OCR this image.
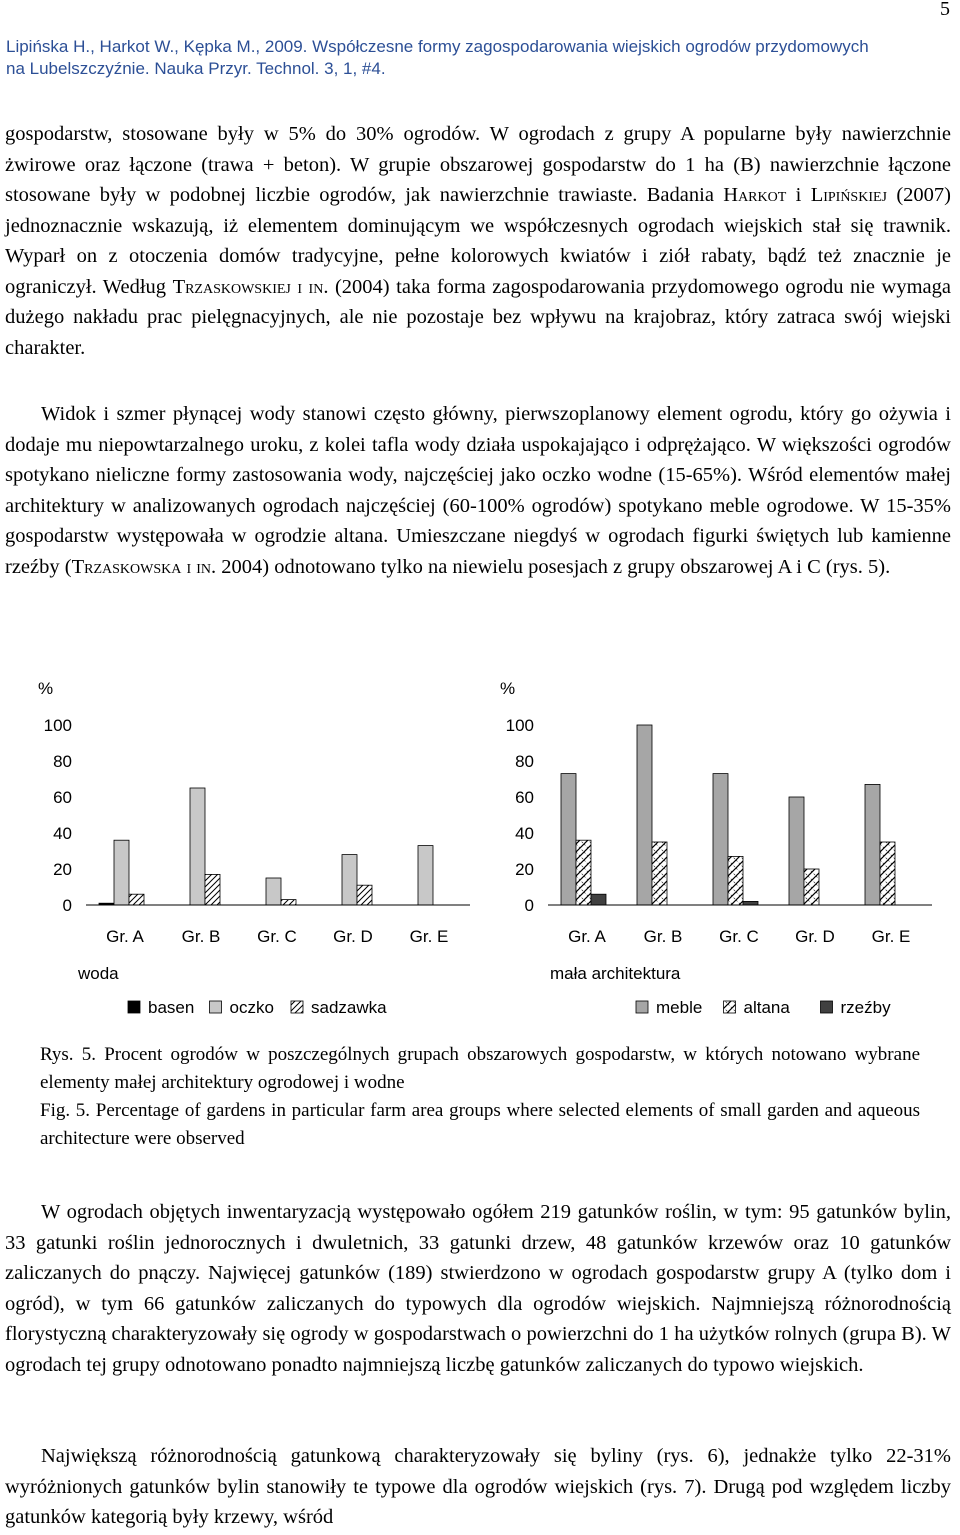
5
Lipińska H., Harkot W., Kępka M., 2009. Współczesne formy zagospodarowania wiejskich ogrodów przydomowych
na Lubelszczyźnie. Nauka Przyr. Technol. 3, 1, #4.

gospodarstw, stosowane były w 5% do 30% ogrodów. W ogrodach z grupy A popularne były nawierzchnie żwirowe oraz łączone (trawa + beton). W grupie obszarowej gospodarstw do 1 ha (B) nawierzchnie łączone stosowane były w podobnej liczbie ogrodów, jak nawierzchnie trawiaste. Badania Harkot i Lipińskiej (2007) jednoznacznie wskazują, iż elementem dominującym we współczesnych ogrodach wiejskich stał się trawnik. Wyparł on z otoczenia domów tradycyjne, pełne kolorowych kwiatów i ziół rabaty, bądź też znacznie je ograniczył. Według Trzaskowskiej i in. (2004) taka forma zagospodarowania przydomowego ogrodu nie wymaga dużego nakładu prac pielęgnacyjnych, ale nie pozostaje bez wpływu na krajobraz, który zatraca swój wiejski charakter.

Widok i szmer płynącej wody stanowi często główny, pierwszoplanowy element ogrodu, który go ożywia i dodaje mu niepowtarzalnego uroku, z kolei tafla wody działa uspokajająco i odprężająco. W większości ogrodów spotykano nieliczne formy zastosowania wody, najczęściej jako oczko wodne (15-65%). Wśród elementów małej architektury w analizowanych ogrodach najczęściej (60-100% ogrodów) spotykano meble ogrodowe. W 15-35% gospodarstw występowała w ogrodzie altana. Umieszczane niegdyś w ogrodach figurki świętych lub kamienne rzeźby (Trzaskowska i in. 2004) odnotowano tylko na niewielu posesjach z grupy obszarowej A i C (rys. 5).

%
0
20
40
60
80
100
Gr. A Gr. B Gr. C Gr. D Gr. E
woda
basen oczko sadzawka
%
0
20
40
60
80
100
Gr. A Gr. B Gr. C Gr. D Gr. E
mała architektura
meble altana	rzeźby

Rys. 5. Procent ogrodów w poszczególnych grupach obszarowych gospodarstw, w których notowano wybrane elementy małej architektury ogrodowej i wodne

Fig. 5. Percentage of gardens in particular farm area groups where selected elements of small garden and aqueous architecture were observed

W ogrodach objętych inwentaryzacją występowało ogółem 219 gatunków roślin, w tym: 95 gatunków bylin, 33 gatunki roślin jednorocznych i dwuletnich, 33 gatunki drzew, 48 gatunków krzewów oraz 10 gatunków zaliczanych do pnączy. Najwięcej gatunków (189) stwierdzono w ogrodach gospodarstw grupy A (tylko dom i ogród), w tym 66 gatunków zaliczanych do typowych dla ogrodów wiejskich. Najmniejszą różnorodnością florystyczną charakteryzowały się ogrody w gospodarstwach o powierzchni do 1 ha użytków rolnych (grupa B). W ogrodach tej grupy odnotowano ponadto najmniejszą liczbę gatunków zaliczanych do typowo wiejskich.

Największą różnorodnością gatunkową charakteryzowały się byliny (rys. 6), jednakże tylko 22-31% wyróżnionych gatunków bylin stanowiły te typowe dla ogrodów wiejskich (rys. 7). Drugą pod względem liczby gatunków kategorią były krzewy, wśród
